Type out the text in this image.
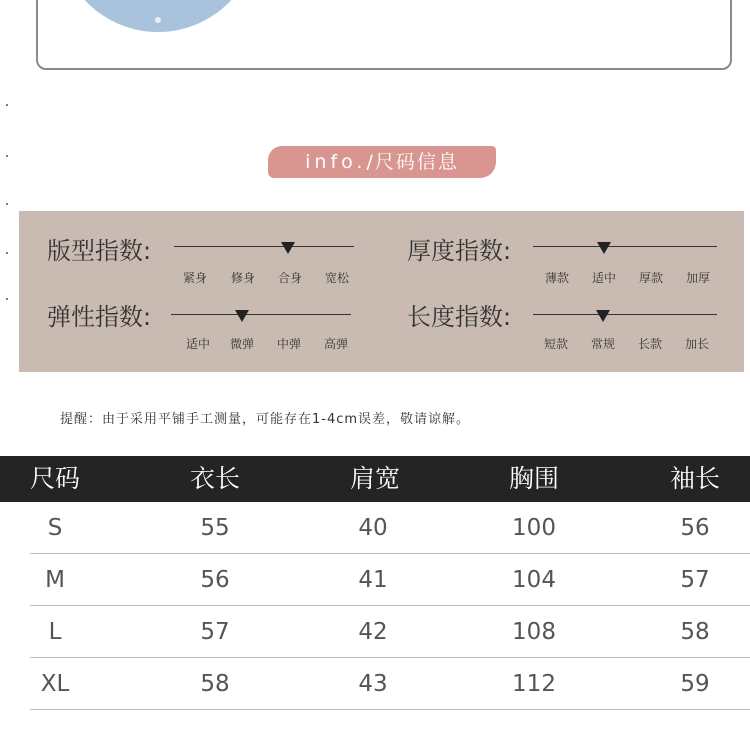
info./尺码信息
版型指数:
紧身 修身 合身 宽松
厚度指数:
薄款 适中 厚款 加厚
弹性指数:
适中 微弹 中弹 高弹
长度指数:
短款 常规 长款 加长
提醒：由于采用平铺手工测量，可能存在1-4cm误差，敬请谅解。
尺码	衣长	肩宽	胸围	袖长
S	55	40	100	56
M	56	41	104	57
L	57	42	108	58
XL	58	43	112	59
